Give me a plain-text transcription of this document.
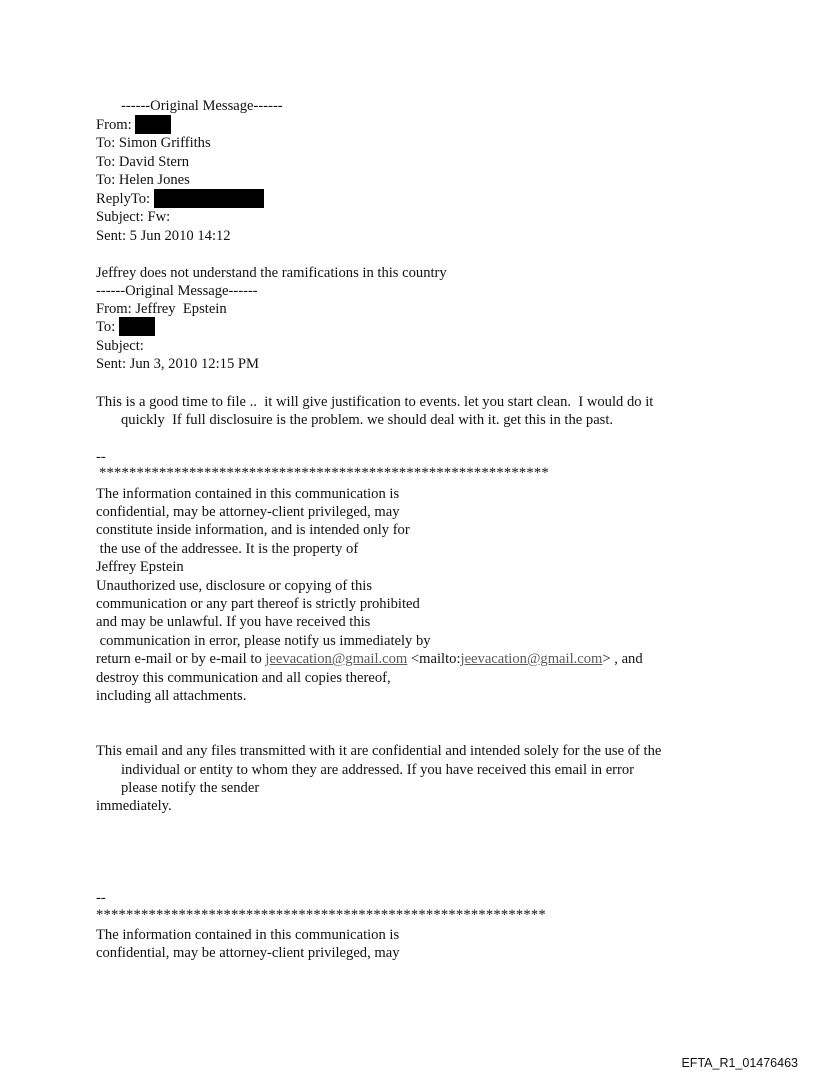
------Original Message------
From:
To: Simon Griffiths
To: David Stern
To: Helen Jones
ReplyTo:
Subject: Fw:
Sent: 5 Jun 2010 14:12
Jeffrey does not understand the ramifications in this country
------Original Message------
From: Jeffrey  Epstein
To:
Subject:
Sent: Jun 3, 2010 12:15 PM
This is a good time to file ..  it will give justification to events. let you start clean.  I would do it
quickly  If full disclosuire is the problem. we should deal with it. get this in the past.
--
************************************************************
The information contained in this communication is
confidential, may be attorney-client privileged, may
constitute inside information, and is intended only for
the use of the addressee. It is the property of
Jeffrey Epstein
Unauthorized use, disclosure or copying of this
communication or any part thereof is strictly prohibited
and may be unlawful. If you have received this
communication in error, please notify us immediately by
return e-mail or by e-mail to jeevacation@gmail.com <mailto:jeevacation@gmail.com> , and
destroy this communication and all copies thereof,
including all attachments.
This email and any files transmitted with it are confidential and intended solely for the use of the
individual or entity to whom they are addressed. If you have received this email in error
please notify the sender
immediately.
--
************************************************************
The information contained in this communication is
confidential, may be attorney-client privileged, may
EFTA_R1_01476463
